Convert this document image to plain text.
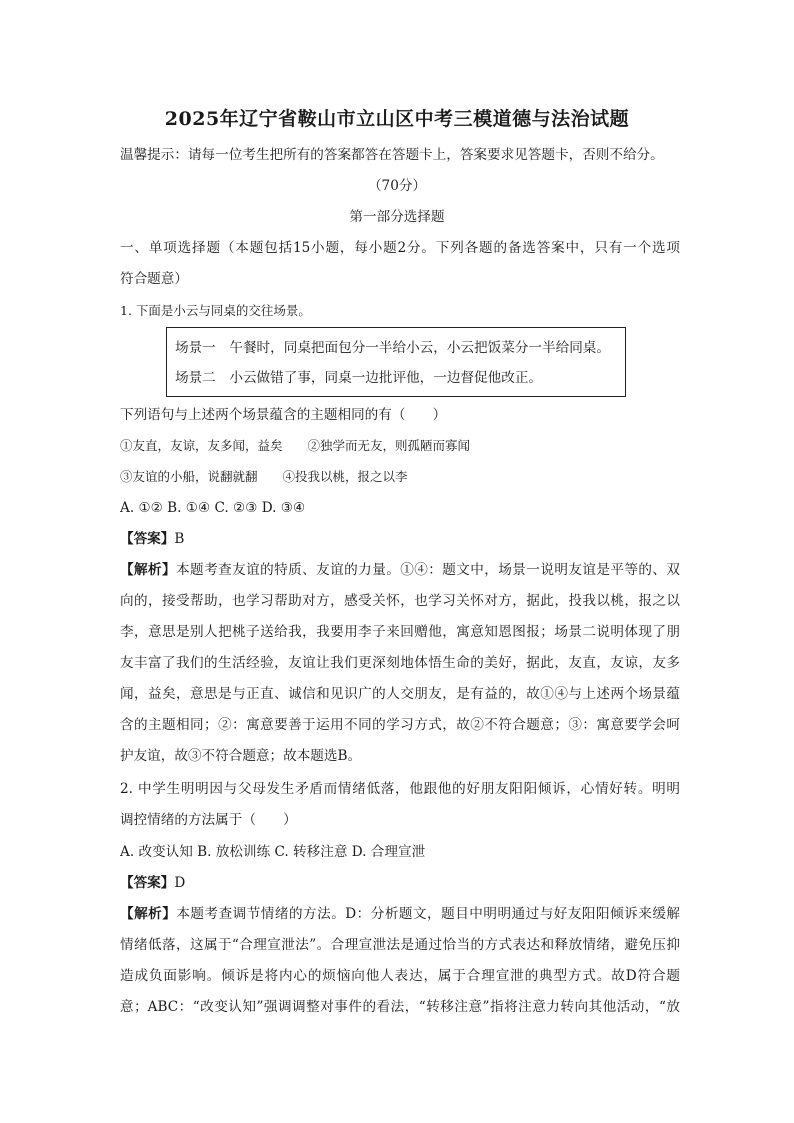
2025年辽宁省鞍山市立山区中考三模道德与法治试题
温馨提示：请每一位考生把所有的答案都答在答题卡上，答案要求见答题卡，否则不给分。
（70分）
第一部分选择题
一、单项选择题（本题包括15小题，每小题2分。下列各题的备选答案中，只有一个选项
符合题意）
1. 下面是小云与同桌的交往场景。
场景一　午餐时，同桌把面包分一半给小云，小云把饭菜分一半给同桌。
场景二　小云做错了事，同桌一边批评他，一边督促他改正。
下列语句与上述两个场景蕴含的主题相同的有（　　）
①友直，友谅，友多闻，益矣　　②独学而无友，则孤陋而寡闻
③友谊的小船，说翻就翻　　④投我以桃，报之以李
A. ①② B. ①④ C. ②③ D. ③④
【答案】B
【解析】本题考查友谊的特质、友谊的力量。①④：题文中，场景一说明友谊是平等的、双
向的，接受帮助，也学习帮助对方，感受关怀，也学习关怀对方，据此，投我以桃，报之以
李，意思是别人把桃子送给我，我要用李子来回赠他，寓意知恩图报；场景二说明体现了朋
友丰富了我们的生活经验，友谊让我们更深刻地体悟生命的美好，据此，友直，友谅，友多
闻，益矣，意思是与正直、诚信和见识广的人交朋友，是有益的，故①④与上述两个场景蕴
含的主题相同；②：寓意要善于运用不同的学习方式，故②不符合题意；③：寓意要学会呵
护友谊，故③不符合题意；故本题选B。
2. 中学生明明因与父母发生矛盾而情绪低落，他跟他的好朋友阳阳倾诉，心情好转。明明
调控情绪的方法属于（　　）
A. 改变认知 B. 放松训练 C. 转移注意 D. 合理宣泄
【答案】D
【解析】本题考查调节情绪的方法。D：分析题文，题目中明明通过与好友阳阳倾诉来缓解
情绪低落，这属于“合理宣泄法”。合理宣泄法是通过恰当的方式表达和释放情绪，避免压抑
造成负面影响。倾诉是将内心的烦恼向他人表达，属于合理宣泄的典型方式。故D符合题
意；ABC：“改变认知”强调调整对事件的看法，“转移注意”指将注意力转向其他活动，“放
